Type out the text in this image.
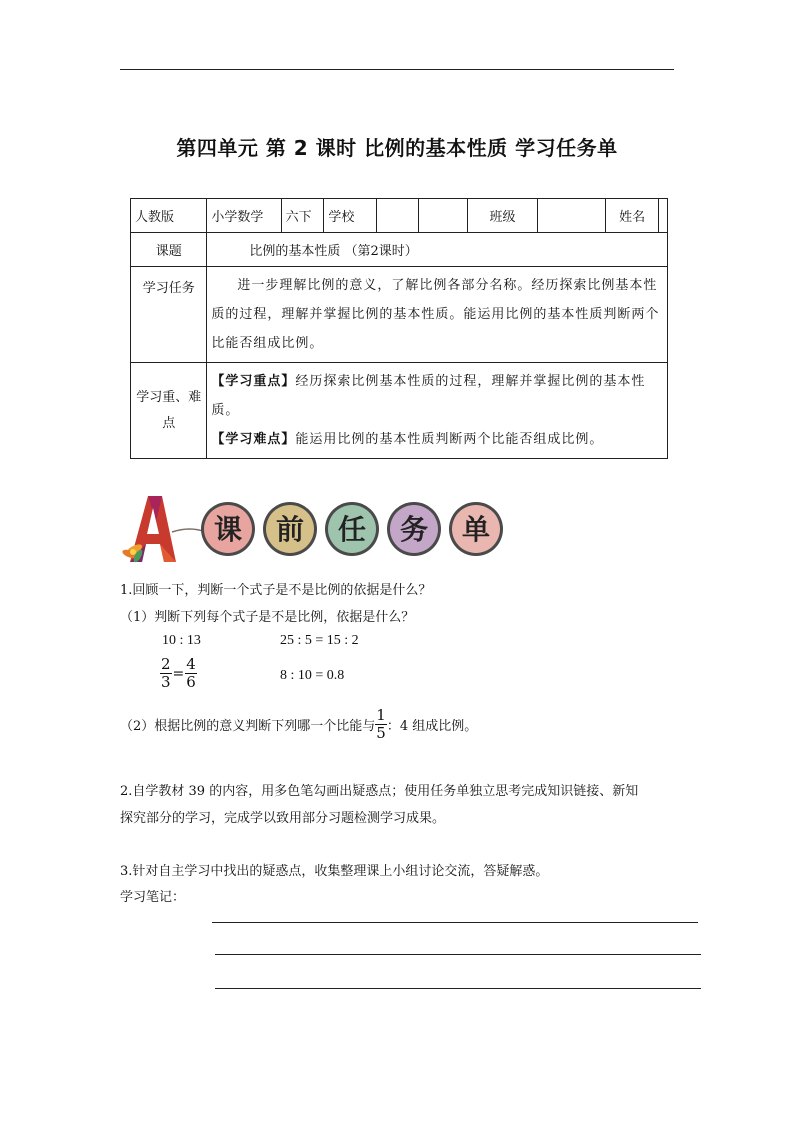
第四单元 第 2 课时 比例的基本性质 学习任务单
人教版	小学数学	六下	学校			班级		姓名	
课题	比例的基本性质 （第2课时）								
学习任务	进一步理解比例的意义，了解比例各部分名称。经历探索比例基本性质的过程，理解并掌握比例的基本性质。能运用比例的基本性质判断两个比能否组成比例。								
学习重、难点	【学习重点】经历探索比例基本性质的过程，理解并掌握比例的基本性质。
【学习难点】能运用比例的基本性质判断两个比能否组成比例。								
课 前 任 务 单
1.回顾一下，判断一个式子是不是比例的依据是什么？
（1）判断下列每个式子是不是比例，依据是什么？
10 : 13	25 : 5 = 15 : 2
$\frac{2}{3} = \frac{4}{6}$	8 : 10 = 0.8
（2）根据比例的意义判断下列哪一个比能与 $\frac{1}{5}$ ：4 组成比例。
2.自学教材 39 的内容，用多色笔勾画出疑惑点；使用任务单独立思考完成知识链接、新知
探究部分的学习，完成学以致用部分习题检测学习成果。
3.针对自主学习中找出的疑惑点，收集整理课上小组讨论交流，答疑解惑。
学习笔记：
